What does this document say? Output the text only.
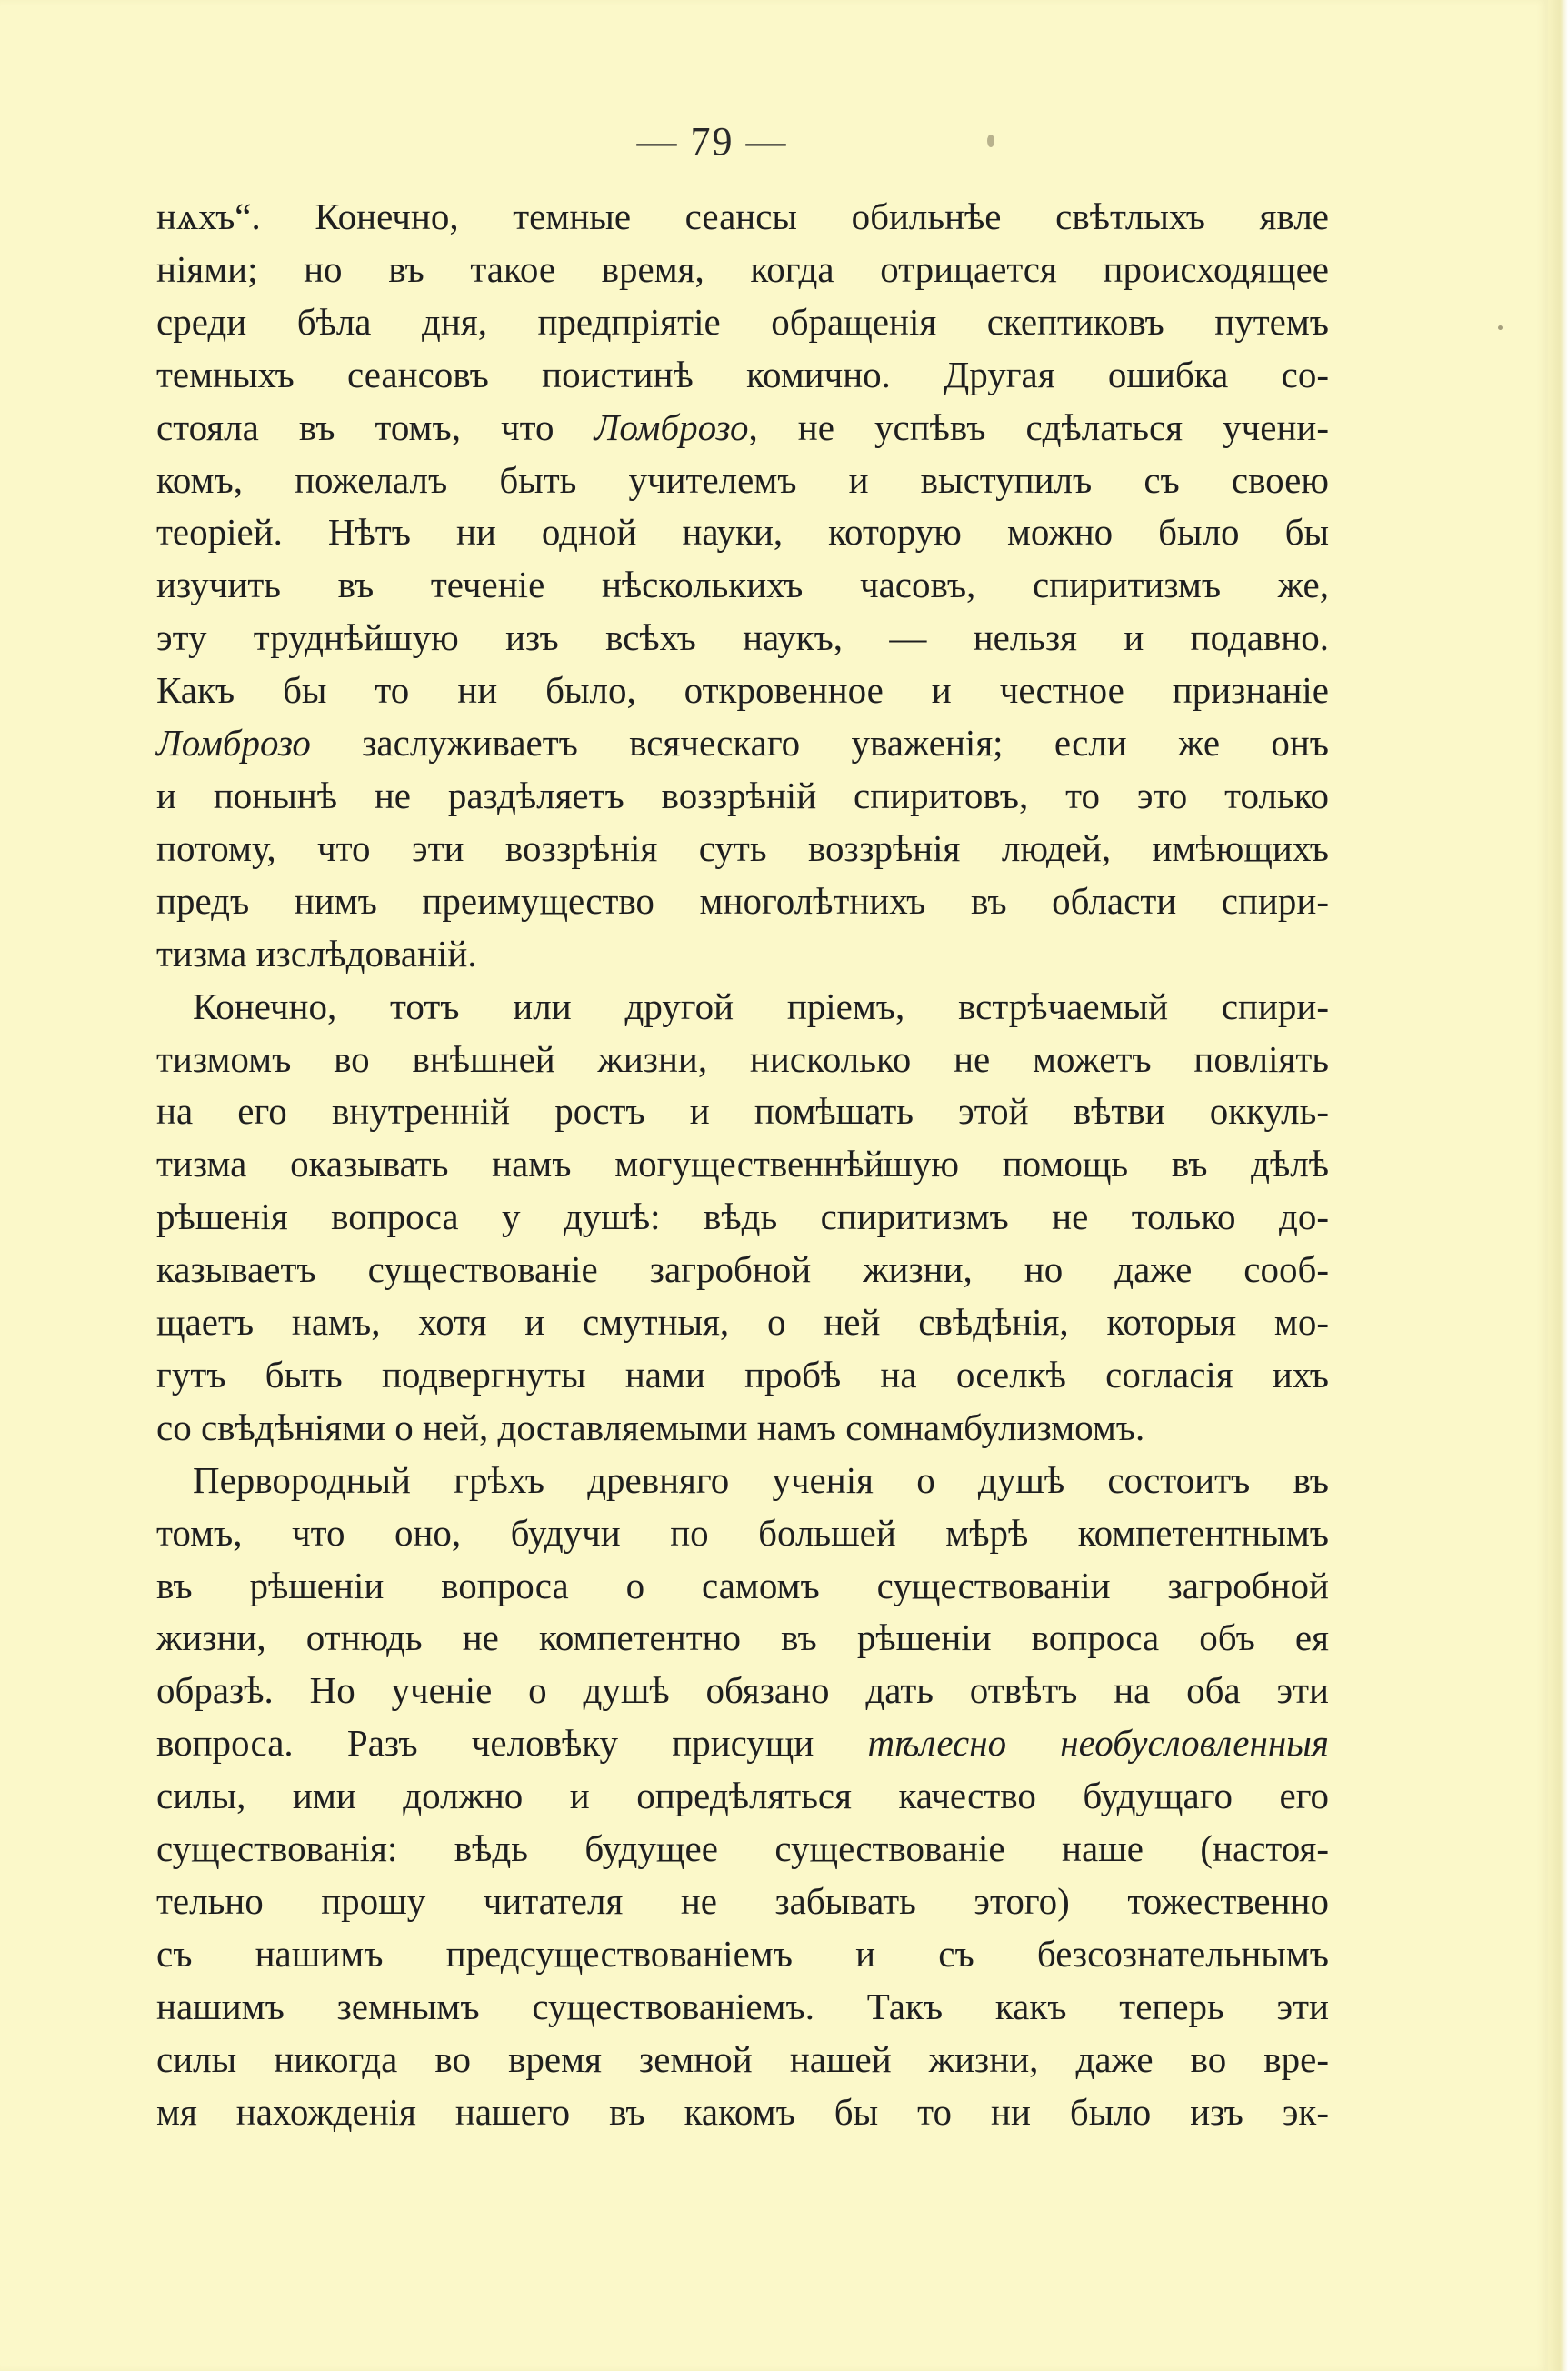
— 79 —
нѧхъ“. Конечно, темные сеансы обильнѣе свѣтлыхъ явле
нiями; но въ такое время, когда отрицается происходящее
среди бѣла дня, предпрiятiе обращенiя скептиковъ путемъ
темныхъ сеансовъ поистинѣ комично. Другая ошибка со-
стояла въ томъ, что Ломброзо, не успѣвъ сдѣлаться учени-
комъ, пожелалъ быть учителемъ и выступилъ съ своею
теорiей. Нѣтъ ни одной науки, которую можно было бы
изучить въ теченiе нѣсколькихъ часовъ, спиритизмъ же,
эту труднѣйшую изъ всѣхъ наукъ, — нельзя и подавно.
Какъ бы то ни было, откровенное и честное признанiе
Ломброзо заслуживаетъ всяческаго уваженiя; если же онъ
и понынѣ не раздѣляетъ воззрѣнiй спиритовъ, то это только
потому, что эти воззрѣнiя суть воззрѣнiя людей, имѣющихъ
предъ нимъ преимущество многолѣтнихъ въ области спири-
тизма изслѣдованiй.
Конечно, тотъ или другой прiемъ, встрѣчаемый спири-
тизмомъ во внѣшней жизни, нисколько не можетъ повлiять
на его внутреннiй ростъ и помѣшать этой вѣтви оккуль-
тизма оказывать намъ могущественнѣйшую помощь въ дѣлѣ
рѣшенiя вопроса у душѣ: вѣдь спиритизмъ не только до-
казываетъ существованiе загробной жизни, но даже сооб-
щаетъ намъ, хотя и смутныя, о ней свѣдѣнiя, которыя мо-
гутъ быть подвергнуты нами пробѣ на оселкѣ согласiя ихъ
со свѣдѣнiями о ней, доставляемыми намъ сомнамбулизмомъ.
Первородный грѣхъ древняго ученiя о душѣ состоитъ въ
томъ, что оно, будучи по большей мѣрѣ компетентнымъ
въ рѣшенiи вопроса о самомъ существованiи загробной
жизни, отнюдь не компетентно въ рѣшенiи вопроса объ ея
образѣ. Но ученiе о душѣ обязано дать отвѣтъ на оба эти
вопроса. Разъ человѣку присущи тѣлесно необусловленныя
силы, ими должно и опредѣляться качество будущаго его
существованiя: вѣдь будущее существованiе наше (настоя-
тельно прошу читателя не забывать этого) тожественно
съ нашимъ предсуществованiемъ и съ безсознательнымъ
нашимъ земнымъ существованiемъ. Такъ какъ теперь эти
силы никогда во время земной нашей жизни, даже во вре-
мя нахожденiя нашего въ какомъ бы то ни было изъ эк-
